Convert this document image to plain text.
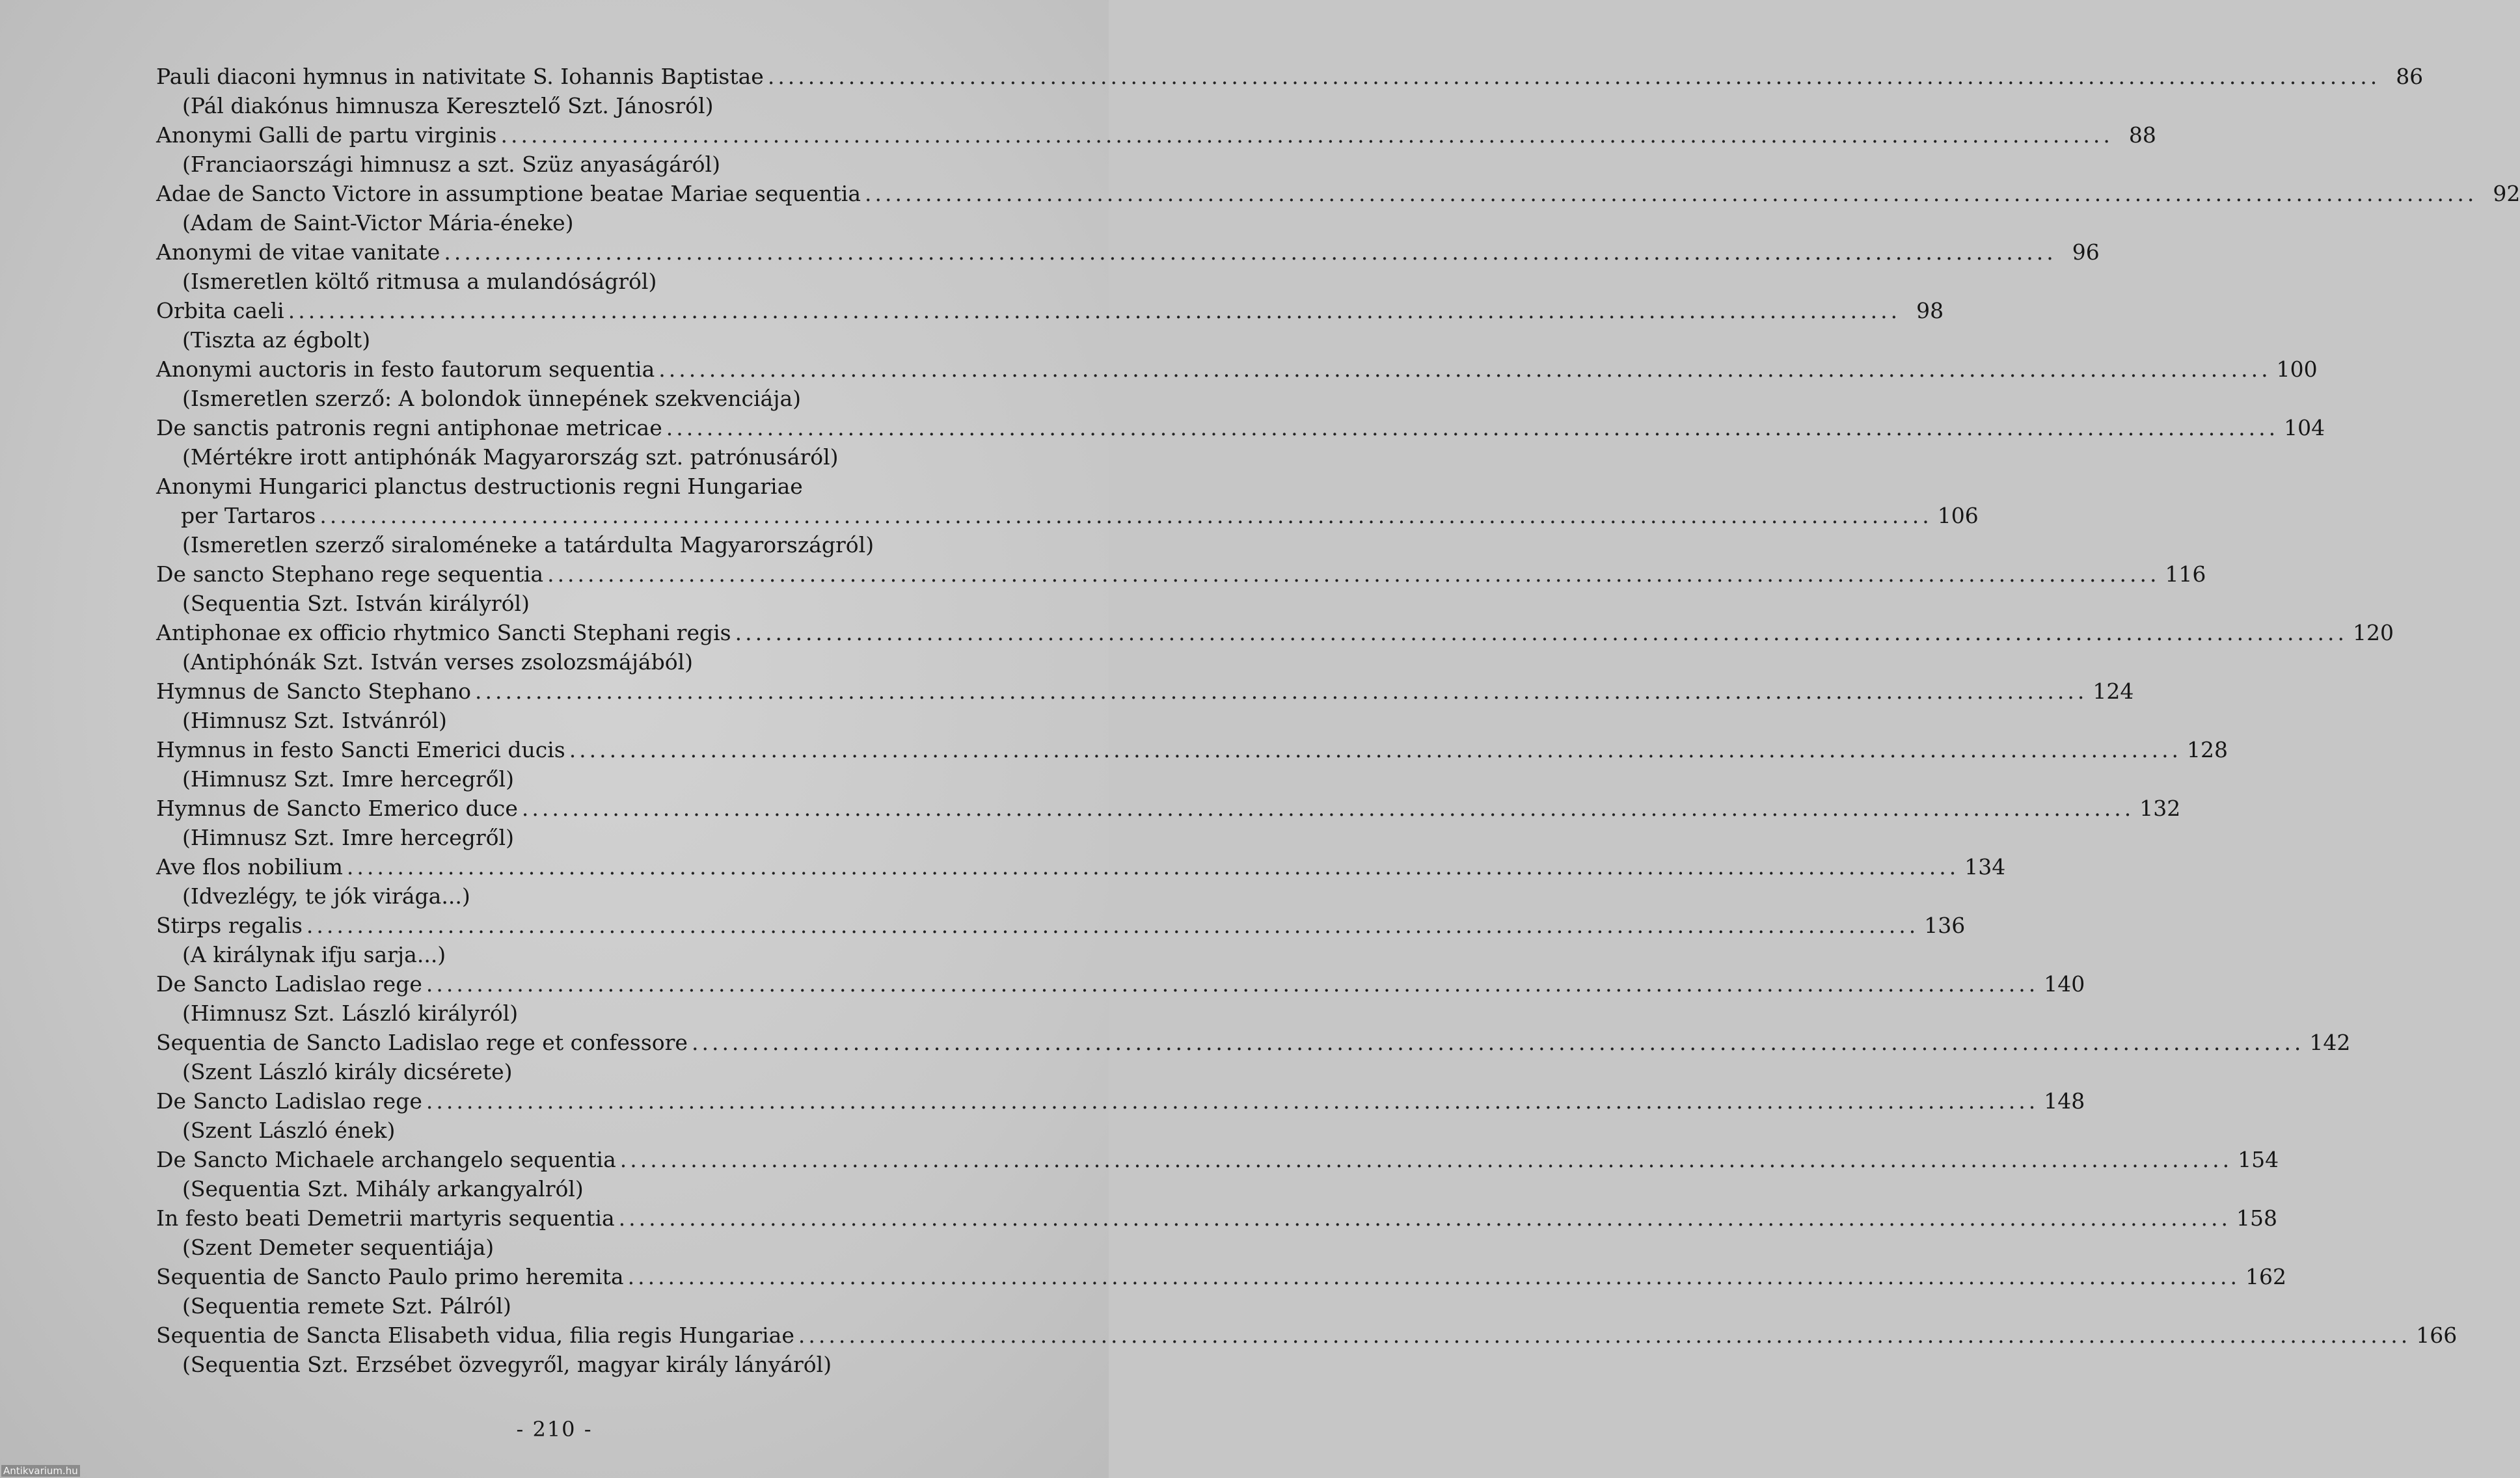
Pauli diaconi hymnus in nativitate S. Iohannis Baptistae ................................................................................................................................................................ 86
(Pál diakónus himnusza Keresztelő Szt. Jánosról)
Anonymi Galli de partu virginis ................................................................................................................................................................ 88
(Franciaországi himnusz a szt. Szüz anyaságáról)
Adae de Sancto Victore in assumptione beatae Mariae sequentia ................................................................................................................................................................ 92
(Adam de Saint-Victor Mária-éneke)
Anonymi de vitae vanitate ................................................................................................................................................................ 96
(Ismeretlen költő ritmusa a mulandóságról)
Orbita caeli ................................................................................................................................................................ 98
(Tiszta az égbolt)
Anonymi auctoris in festo fautorum sequentia ................................................................................................................................................................ 100
(Ismeretlen szerző: A bolondok ünnepének szekvenciája)
De sanctis patronis regni antiphonae metricae ................................................................................................................................................................ 104
(Mértékre irott antiphónák Magyarország szt. patrónusáról)
Anonymi Hungarici planctus destructionis regni Hungariae
per Tartaros ................................................................................................................................................................ 106
(Ismeretlen szerző siraloméneke a tatárdulta Magyarországról)
De sancto Stephano rege sequentia ................................................................................................................................................................ 116
(Sequentia Szt. István királyról)
Antiphonae ex officio rhytmico Sancti Stephani regis ................................................................................................................................................................ 120
(Antiphónák Szt. István verses zsolozsmájából)
Hymnus de Sancto Stephano ................................................................................................................................................................ 124
(Himnusz Szt. Istvánról)
Hymnus in festo Sancti Emerici ducis ................................................................................................................................................................ 128
(Himnusz Szt. Imre hercegről)
Hymnus de Sancto Emerico duce ................................................................................................................................................................ 132
(Himnusz Szt. Imre hercegről)
Ave flos nobilium ................................................................................................................................................................ 134
(Idvezlégy, te jók virága...)
Stirps regalis ................................................................................................................................................................ 136
(A királynak ifju sarja...)
De Sancto Ladislao rege ................................................................................................................................................................ 140
(Himnusz Szt. László királyról)
Sequentia de Sancto Ladislao rege et confessore ................................................................................................................................................................ 142
(Szent László király dicsérete)
De Sancto Ladislao rege ................................................................................................................................................................ 148
(Szent László ének)
De Sancto Michaele archangelo sequentia ................................................................................................................................................................ 154
(Sequentia Szt. Mihály arkangyalról)
In festo beati Demetrii martyris sequentia ................................................................................................................................................................ 158
(Szent Demeter sequentiája)
Sequentia de Sancto Paulo primo heremita ................................................................................................................................................................ 162
(Sequentia remete Szt. Pálról)
Sequentia de Sancta Elisabeth vidua, filia regis Hungariae ................................................................................................................................................................ 166
(Sequentia Szt. Erzsébet özvegyről, magyar király lányáról)
- 210 -
Antikvarium.hu
